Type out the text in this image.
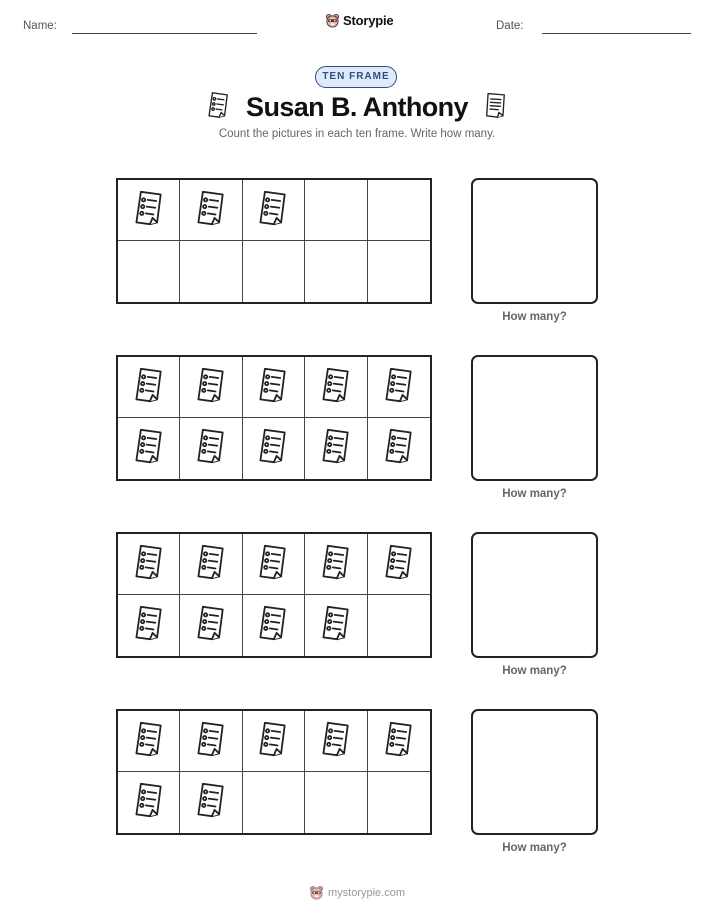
Name:	Storypie	Date:
TEN FRAME
Susan B. Anthony
Count the pictures in each ten frame. Write how many.
How many?
How many?
How many?
How many?
mystorypie.com
